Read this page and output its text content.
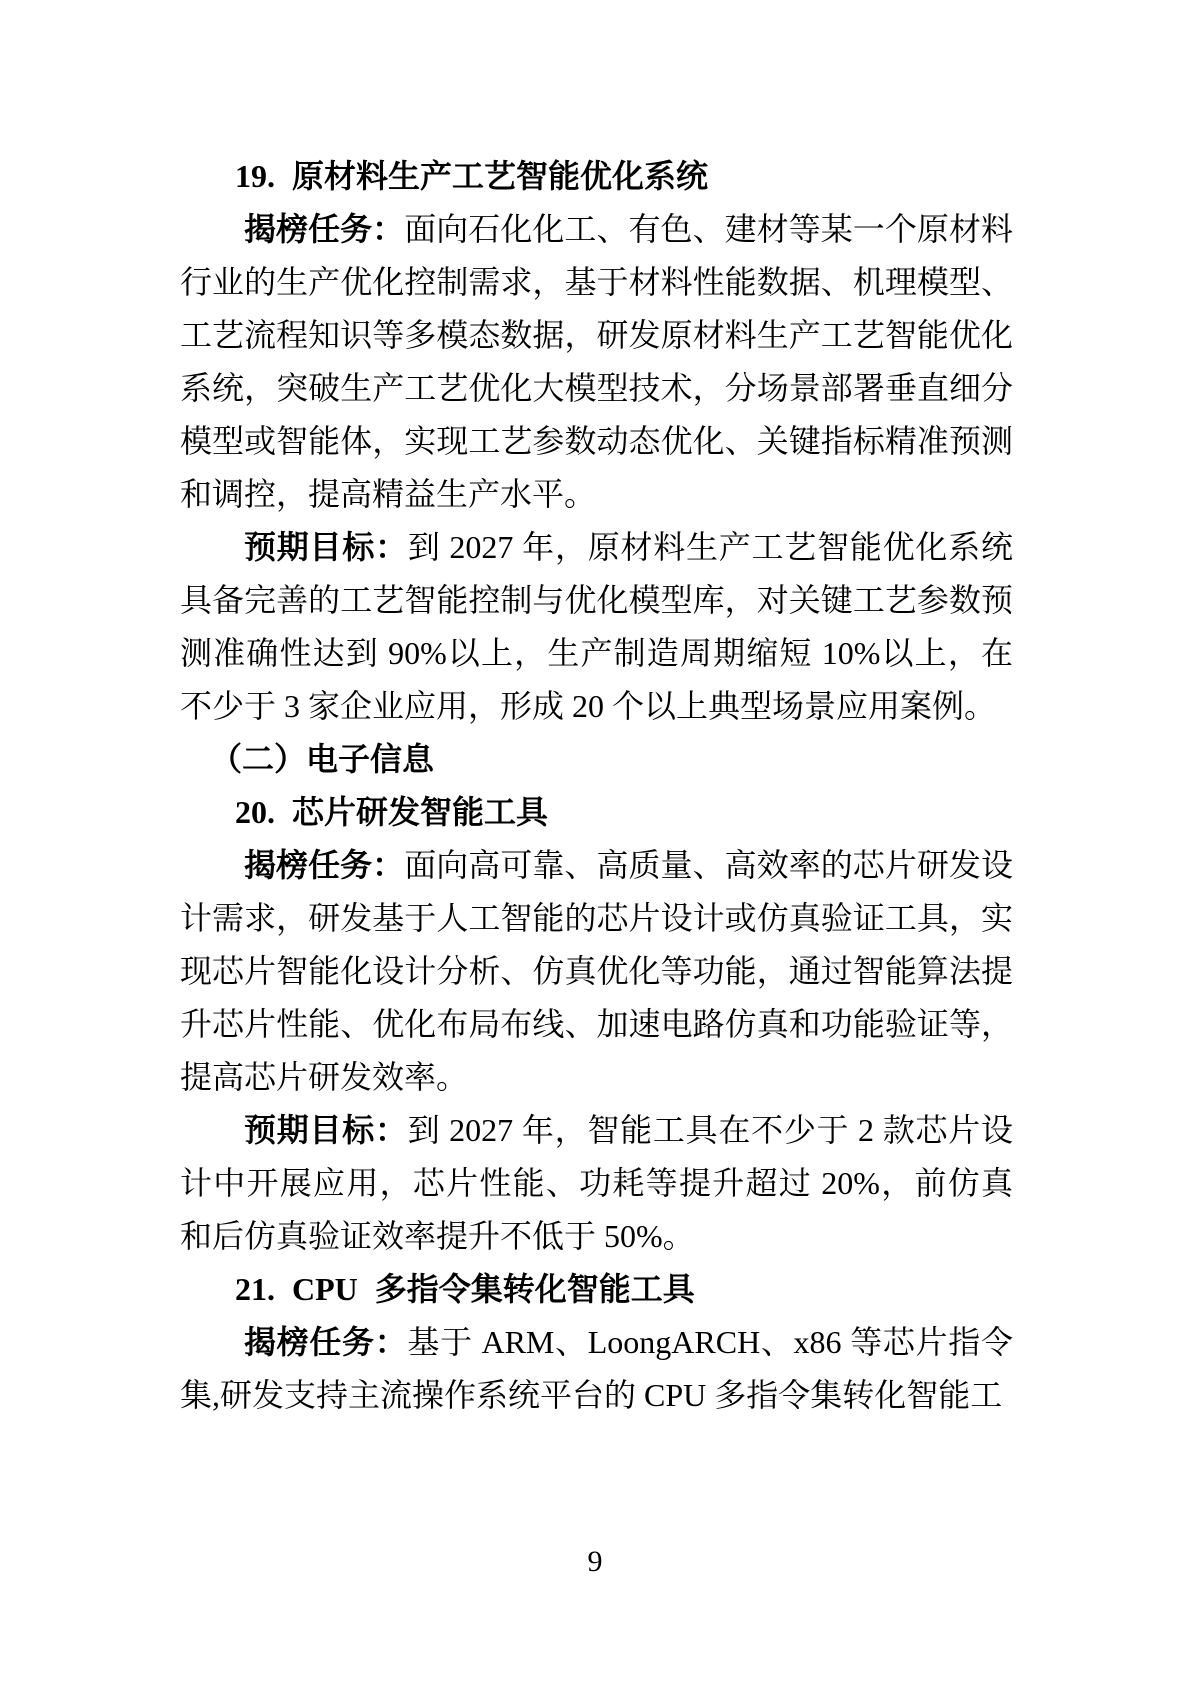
19. 原材料生产工艺智能优化系统

揭榜任务：面向石化化工、有色、建材等某一个原材料行业的生产优化控制需求，基于材料性能数据、机理模型、工艺流程知识等多模态数据，研发原材料生产工艺智能优化系统，突破生产工艺优化大模型技术，分场景部署垂直细分模型或智能体，实现工艺参数动态优化、关键指标精准预测和调控，提高精益生产水平。

预期目标：到 2027 年，原材料生产工艺智能优化系统具备完善的工艺智能控制与优化模型库，对关键工艺参数预测准确性达到 90%以上，生产制造周期缩短 10%以上，在不少于 3 家企业应用，形成 20 个以上典型场景应用案例。

（二）电子信息

20. 芯片研发智能工具

揭榜任务：面向高可靠、高质量、高效率的芯片研发设计需求，研发基于人工智能的芯片设计或仿真验证工具，实现芯片智能化设计分析、仿真优化等功能，通过智能算法提升芯片性能、优化布局布线、加速电路仿真和功能验证等，提高芯片研发效率。

预期目标：到 2027 年，智能工具在不少于 2 款芯片设计中开展应用，芯片性能、功耗等提升超过 20%，前仿真和后仿真验证效率提升不低于 50%。

21. CPU 多指令集转化智能工具

揭榜任务：基于 ARM、LoongARCH、x86 等芯片指令集,研发支持主流操作系统平台的 CPU 多指令集转化智能工

9
